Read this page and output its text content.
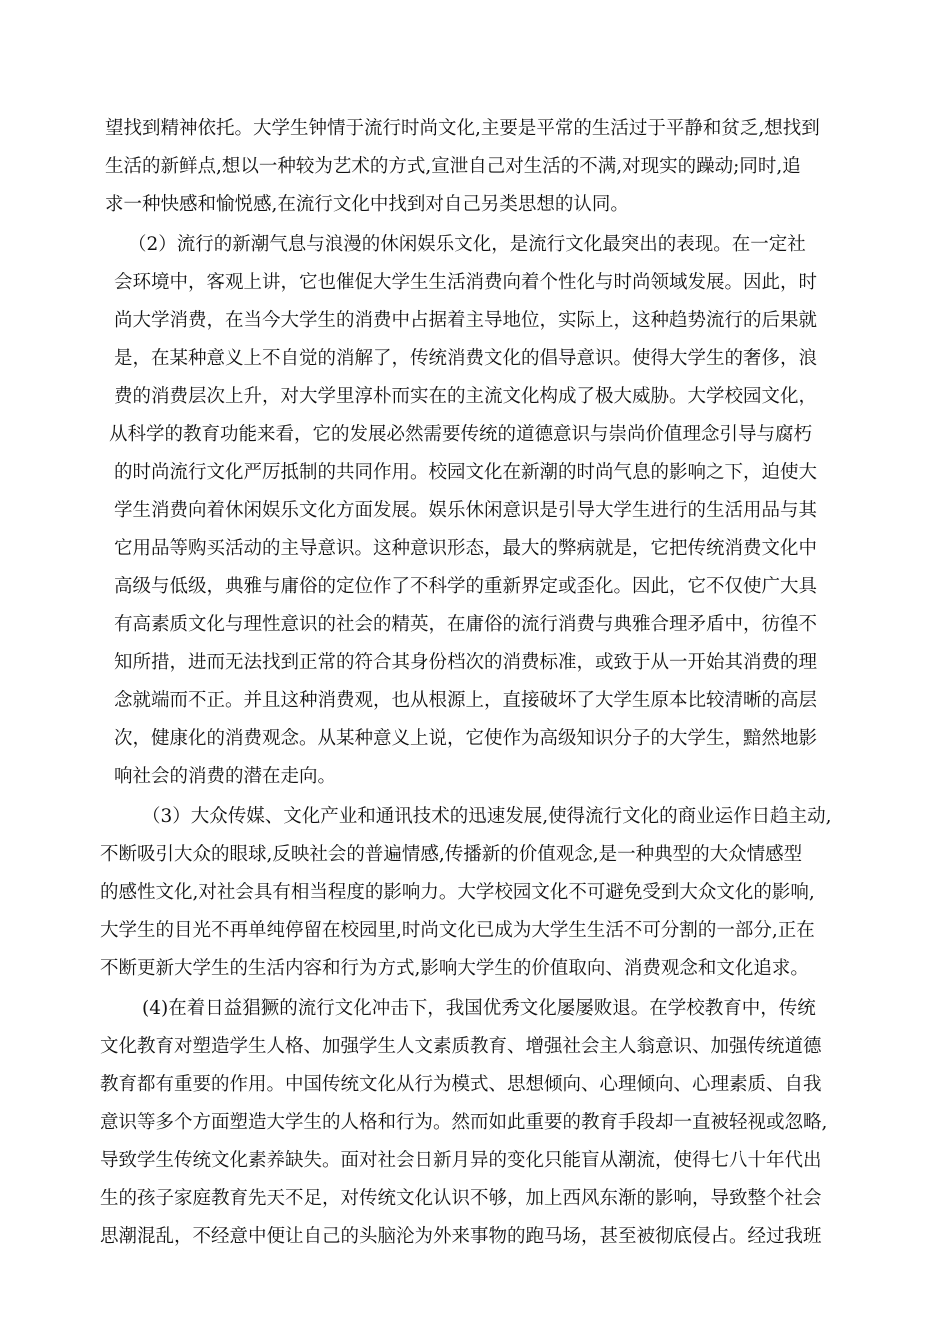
望找到精神依托。大学生钟情于流行时尚文化,主要是平常的生活过于平静和贫乏,想找到
生活的新鲜点,想以一种较为艺术的方式,宣泄自己对生活的不满,对现实的躁动;同时,追
求一种快感和愉悦感,在流行文化中找到对自己另类思想的认同。
（2）流行的新潮气息与浪漫的休闲娱乐文化，是流行文化最突出的表现。在一定社
会环境中，客观上讲，它也催促大学生生活消费向着个性化与时尚领域发展。因此，时
尚大学消费，在当今大学生的消费中占据着主导地位，实际上，这种趋势流行的后果就
是，在某种意义上不自觉的消解了，传统消费文化的倡导意识。使得大学生的奢侈，浪
费的消费层次上升，对大学里淳朴而实在的主流文化构成了极大威胁。大学校园文化，
从科学的教育功能来看，它的发展必然需要传统的道德意识与崇尚价值理念引导与腐朽
的时尚流行文化严厉抵制的共同作用。校园文化在新潮的时尚气息的影响之下，迫使大
学生消费向着休闲娱乐文化方面发展。娱乐休闲意识是引导大学生进行的生活用品与其
它用品等购买活动的主导意识。这种意识形态，最大的弊病就是，它把传统消费文化中
高级与低级，典雅与庸俗的定位作了不科学的重新界定或歪化。因此，它不仅使广大具
有高素质文化与理性意识的社会的精英，在庸俗的流行消费与典雅合理矛盾中，彷徨不
知所措，进而无法找到正常的符合其身份档次的消费标准，或致于从一开始其消费的理
念就端而不正。并且这种消费观，也从根源上，直接破坏了大学生原本比较清晰的高层
次，健康化的消费观念。从某种意义上说，它使作为高级知识分子的大学生，黯然地影
响社会的消费的潜在走向。
（3）大众传媒、文化产业和通讯技术的迅速发展,使得流行文化的商业运作日趋主动,
不断吸引大众的眼球,反映社会的普遍情感,传播新的价值观念,是一种典型的大众情感型
的感性文化,对社会具有相当程度的影响力。大学校园文化不可避免受到大众文化的影响,
大学生的目光不再单纯停留在校园里,时尚文化已成为大学生生活不可分割的一部分,正在
不断更新大学生的生活内容和行为方式,影响大学生的价值取向、消费观念和文化追求。
(4)在着日益猖獗的流行文化冲击下，我国优秀文化屡屡败退。在学校教育中，传统
文化教育对塑造学生人格、加强学生人文素质教育、增强社会主人翁意识、加强传统道德
教育都有重要的作用。中国传统文化从行为模式、思想倾向、心理倾向、心理素质、自我
意识等多个方面塑造大学生的人格和行为。然而如此重要的教育手段却一直被轻视或忽略,
导致学生传统文化素养缺失。面对社会日新月异的变化只能盲从潮流，使得七八十年代出
生的孩子家庭教育先天不足，对传统文化认识不够，加上西风东渐的影响，导致整个社会
思潮混乱，不经意中便让自己的头脑沦为外来事物的跑马场，甚至被彻底侵占。经过我班
